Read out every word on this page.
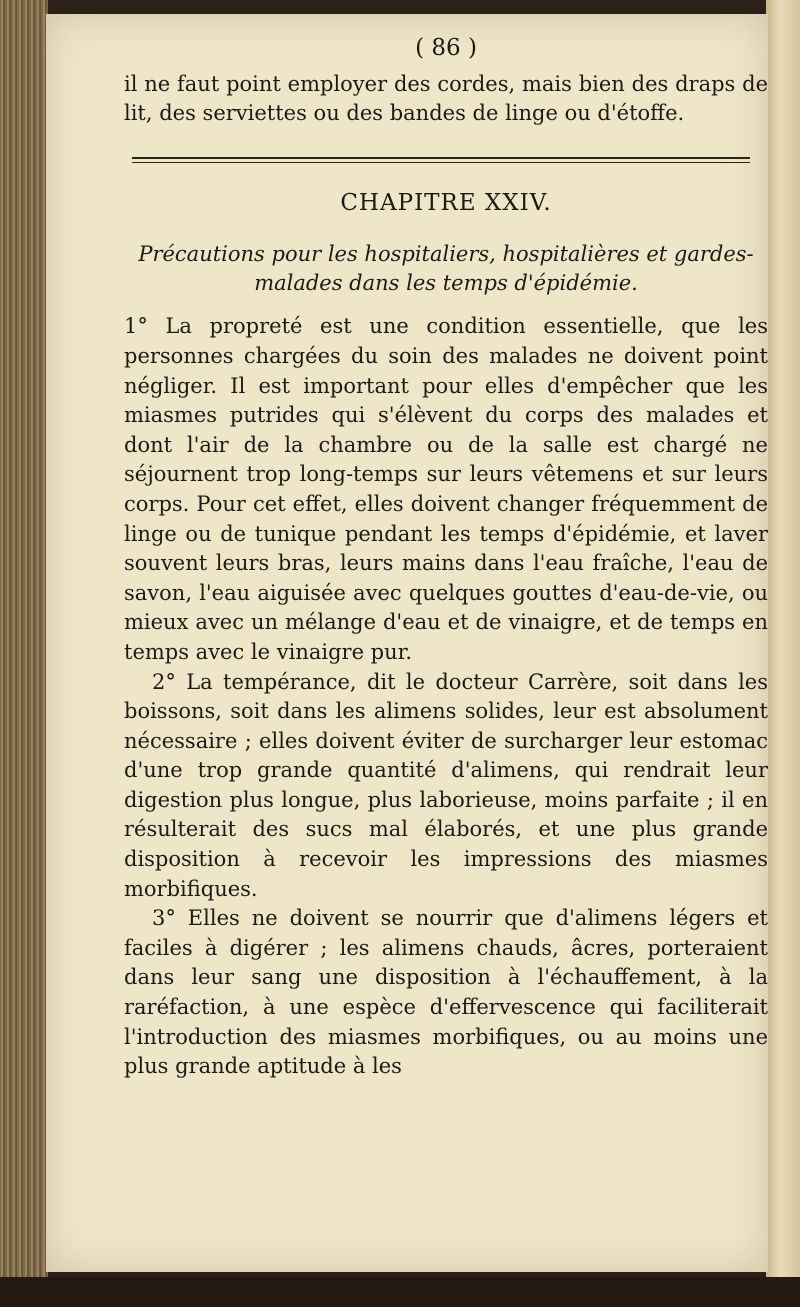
( 86 )

il ne faut point employer des cordes, mais bien des draps de lit, des serviettes ou des bandes de linge ou d'étoffe.

CHAPITRE XXIV.
Précautions pour les hospitaliers, hospitalières et gardes-malades dans les temps d'épidémie.

1° La propreté est une condition essentielle, que les personnes chargées du soin des malades ne doivent point négliger. Il est important pour elles d'empêcher que les miasmes putrides qui s'élèvent du corps des malades et dont l'air de la chambre ou de la salle est chargé ne séjournent trop long-temps sur leurs vêtemens et sur leurs corps. Pour cet effet, elles doivent changer fréquemment de linge ou de tunique pendant les temps d'épidémie, et laver souvent leurs bras, leurs mains dans l'eau fraîche, l'eau de savon, l'eau aiguisée avec quelques gouttes d'eau-de-vie, ou mieux avec un mélange d'eau et de vinaigre, et de temps en temps avec le vinaigre pur.

2° La tempérance, dit le docteur Carrère, soit dans les boissons, soit dans les alimens solides, leur est absolument nécessaire ; elles doivent éviter de surcharger leur estomac d'une trop grande quantité d'alimens, qui rendrait leur digestion plus longue, plus laborieuse, moins parfaite ; il en résulterait des sucs mal élaborés, et une plus grande disposition à recevoir les impressions des miasmes morbifiques.

3° Elles ne doivent se nourrir que d'alimens légers et faciles à digérer ; les alimens chauds, âcres, porteraient dans leur sang une disposition à l'échauffement, à la raréfaction, à une espèce d'effervescence qui faciliterait l'introduction des miasmes morbifiques, ou au moins une plus grande aptitude à les
